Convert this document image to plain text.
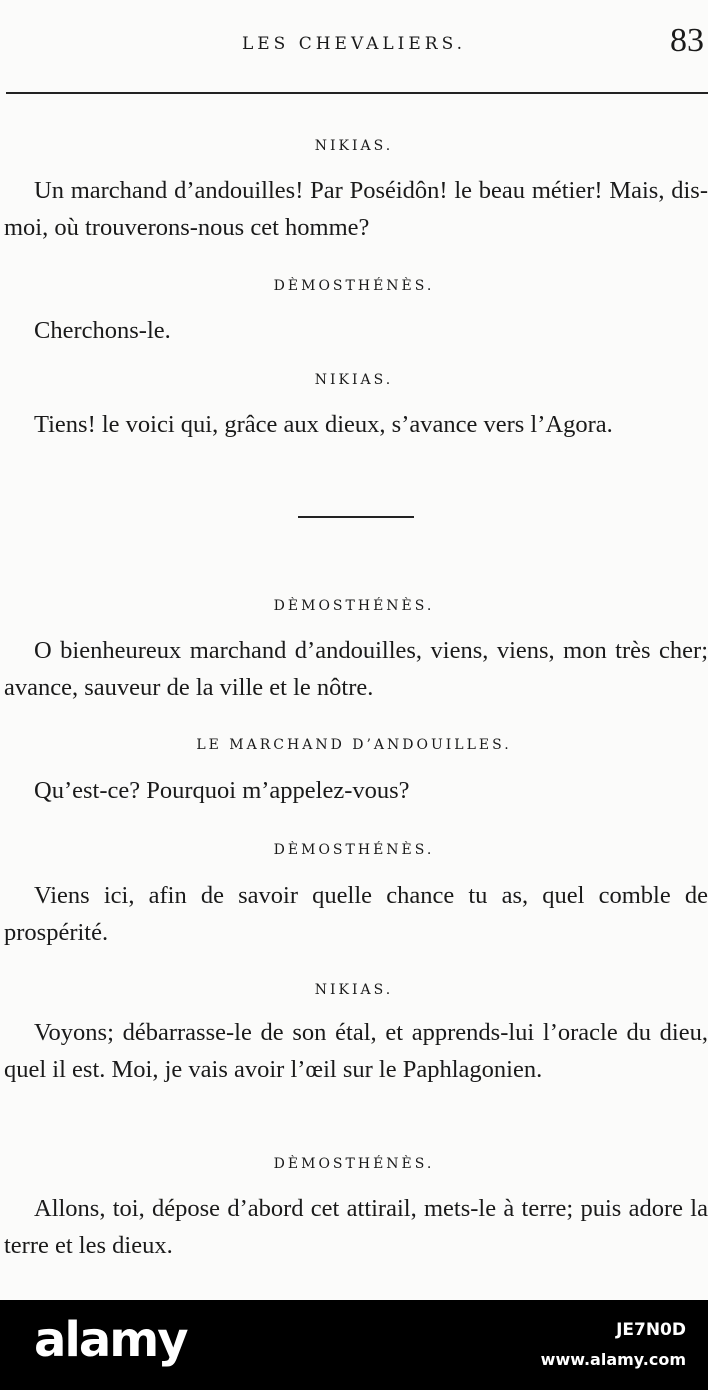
LES CHEVALIERS.	83
NIKIAS.

Un marchand d’andouilles! Par Poséidôn! le beau métier! Mais, dis-moi, où trouverons-nous cet homme?

DÈMOSTHÉNÈS.

Cherchons-le.

NIKIAS.

Tiens! le voici qui, grâce aux dieux, s’avance vers l’Agora.

DÈMOSTHÉNÈS.

O bienheureux marchand d’andouilles, viens, viens, mon très cher; avance, sauveur de la ville et le nôtre.

LE MARCHAND D’ANDOUILLES.

Qu’est-ce? Pourquoi m’appelez-vous?

DÈMOSTHÉNÈS.

Viens ici, afin de savoir quelle chance tu as, quel comble de prospérité.

NIKIAS.

Voyons; débarrasse-le de son étal, et apprends-lui l’oracle du dieu, quel il est. Moi, je vais avoir l’œil sur le Paphlagonien.

DÈMOSTHÉNÈS.

Allons, toi, dépose d’abord cet attirail, mets-le à terre; puis adore la terre et les dieux.

alamy	JE7N0D
www.alamy.com
